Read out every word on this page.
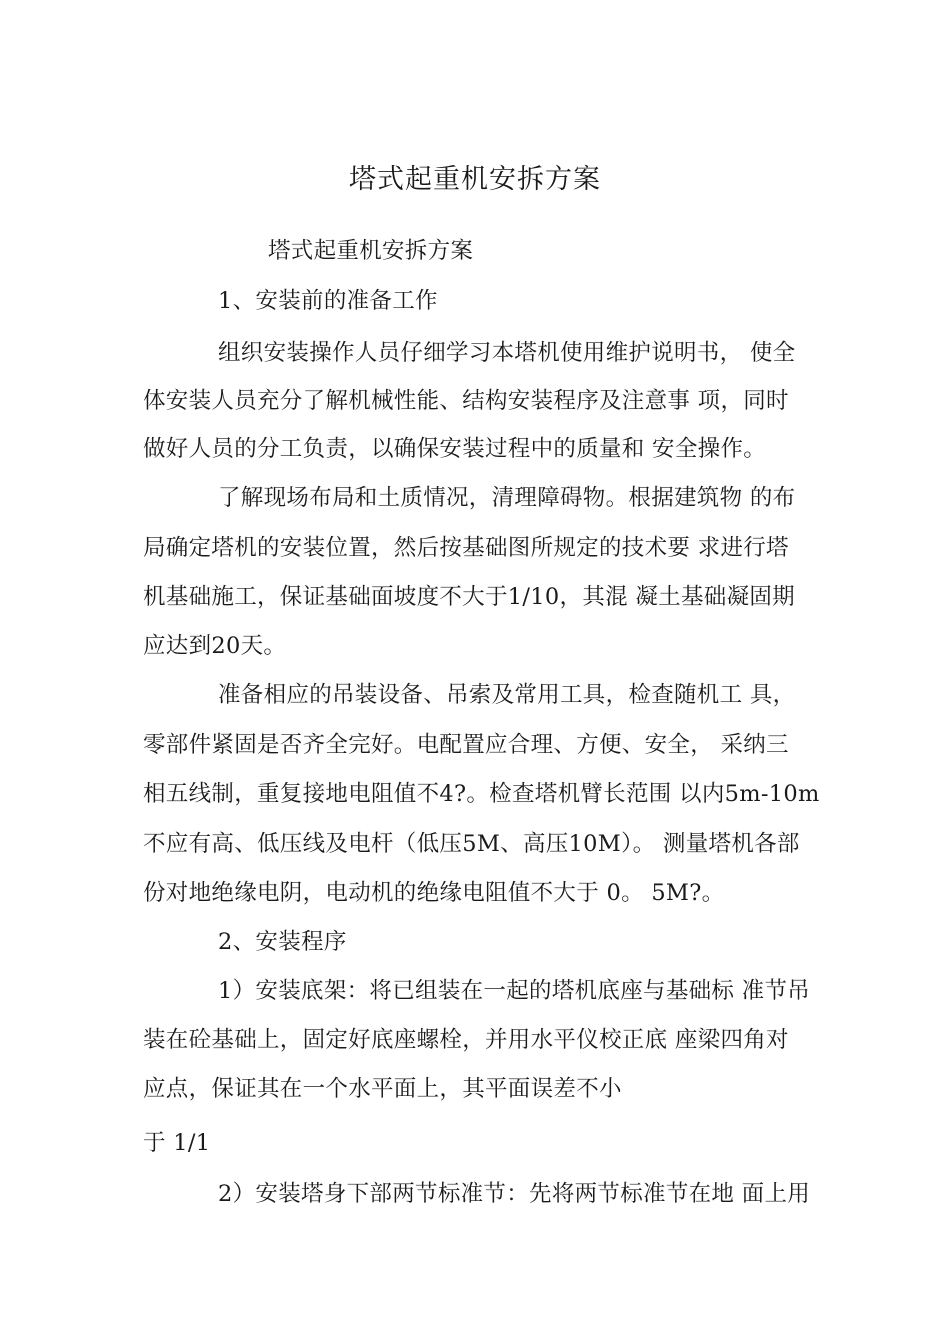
塔式起重机安拆方案
塔式起重机安拆方案
1、安装前的准备工作
组织安装操作人员仔细学习本塔机使用维护说明书， 使全
体安装人员充分了解机械性能、结构安装程序及注意事 项，同时
做好人员的分工负责，以确保安装过程中的质量和 安全操作。
了解现场布局和土质情况，清理障碍物。根据建筑物 的布
局确定塔机的安装位置，然后按基础图所规定的技术要 求进行塔
机基础施工，保证基础面坡度不大于1/10，其混 凝土基础凝固期
应达到20天。
准备相应的吊装设备、吊索及常用工具，检查随机工 具，
零部件紧固是否齐全完好。电配置应合理、方便、安全， 采纳三
相五线制，重复接地电阻值不4?。检查塔机臂长范围 以内5m-10m
不应有高、低压线及电杆（低压5M、高压10M）。 测量塔机各部
份对地绝缘电阴，电动机的绝缘电阻值不大于 0。 5M?。
2、安装程序
1）安装底架：将已组装在一起的塔机底座与基础标 准节吊
装在砼基础上，固定好底座螺栓，并用水平仪校正底 座梁四角对
应点，保证其在一个水平面上，其平面误差不小
于 1/1
2）安装塔身下部两节标准节：先将两节标准节在地 面上用
